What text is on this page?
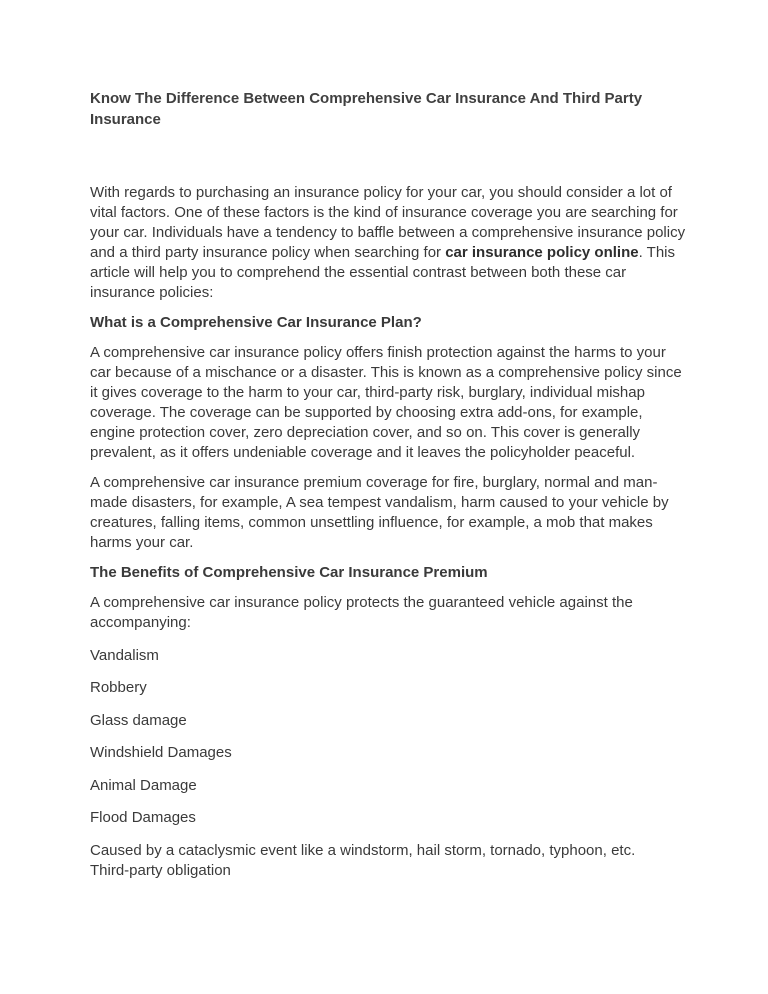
Know The Difference Between Comprehensive Car Insurance And Third Party Insurance

With regards to purchasing an insurance policy for your car, you should consider a lot of vital factors. One of these factors is the kind of insurance coverage you are searching for your car. Individuals have a tendency to baffle between a comprehensive insurance policy and a third party insurance policy when searching for car insurance policy online. This article will help you to comprehend the essential contrast between both these car insurance policies:

What is a Comprehensive Car Insurance Plan?

A comprehensive car insurance policy offers finish protection against the harms to your car because of a mischance or a disaster. This is known as a comprehensive policy since it gives coverage to the harm to your car, third-party risk, burglary, individual mishap coverage. The coverage can be supported by choosing extra add-ons, for example, engine protection cover, zero depreciation cover, and so on. This cover is generally prevalent, as it offers undeniable coverage and it leaves the policyholder peaceful.

A comprehensive car insurance premium coverage for fire, burglary, normal and man-made disasters, for example, A sea tempest vandalism, harm caused to your vehicle by creatures, falling items, common unsettling influence, for example, a mob that makes harms your car.

The Benefits of Comprehensive Car Insurance Premium

A comprehensive car insurance policy protects the guaranteed vehicle against the accompanying:

Vandalism

Robbery

Glass damage

Windshield Damages

Animal Damage

Flood Damages

Caused by a cataclysmic event like a windstorm, hail storm, tornado, typhoon, etc.

Third-party obligation
